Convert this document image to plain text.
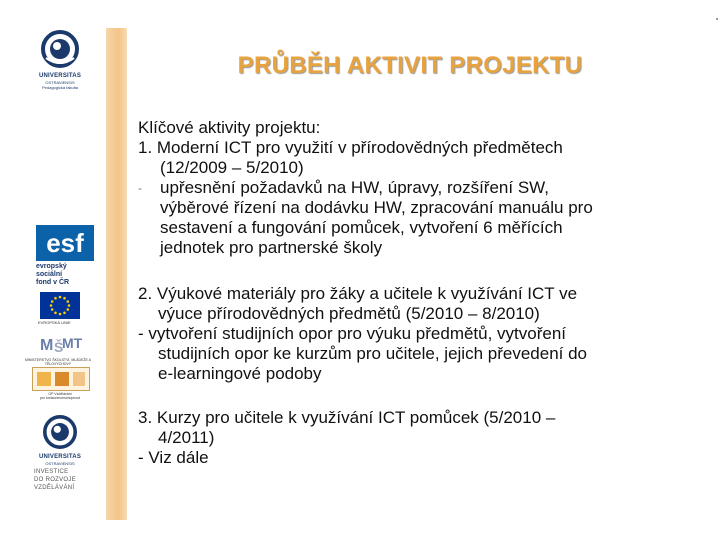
UNIVERSITAS
OSTRAVIENSIS
Pedagogická fakulta
esf
evropský
sociální
fond v ČR
EVROPSKÁ UNIE
M Š
MT
MINISTERSTVO ŠKOLSTVÍ, MLÁDEŽE A TĚLOVÝCHOVY
OP Vzdělávání
pro konkurenceschopnost
UNIVERSITAS
OSTRAVIENSIS
INVESTICE
DO ROZVOJE
VZDĚLÁVÁNÍ
PRŮBĚH AKTIVIT PROJEKTU
Klíčové aktivity projektu:
1. Moderní ICT pro využití v přírodovědných předmětech
(12/2009 – 5/2010)
- upřesnění požadavků na HW, úpravy, rozšíření SW,
výběrové řízení na dodávku HW, zpracování manuálu pro
sestavení a fungování pomůcek, vytvoření 6 měřících
jednotek pro partnerské školy
2. Výukové materiály pro žáky a učitele k využívání ICT ve
výuce přírodovědných předmětů (5/2010 – 8/2010)
- vytvoření studijních opor pro výuku předmětů, vytvoření
studijních opor ke kurzům pro učitele, jejich převedení do
e-learningové podoby
3. Kurzy pro učitele k využívání ICT pomůcek (5/2010 –
4/2011)
- Viz dále
